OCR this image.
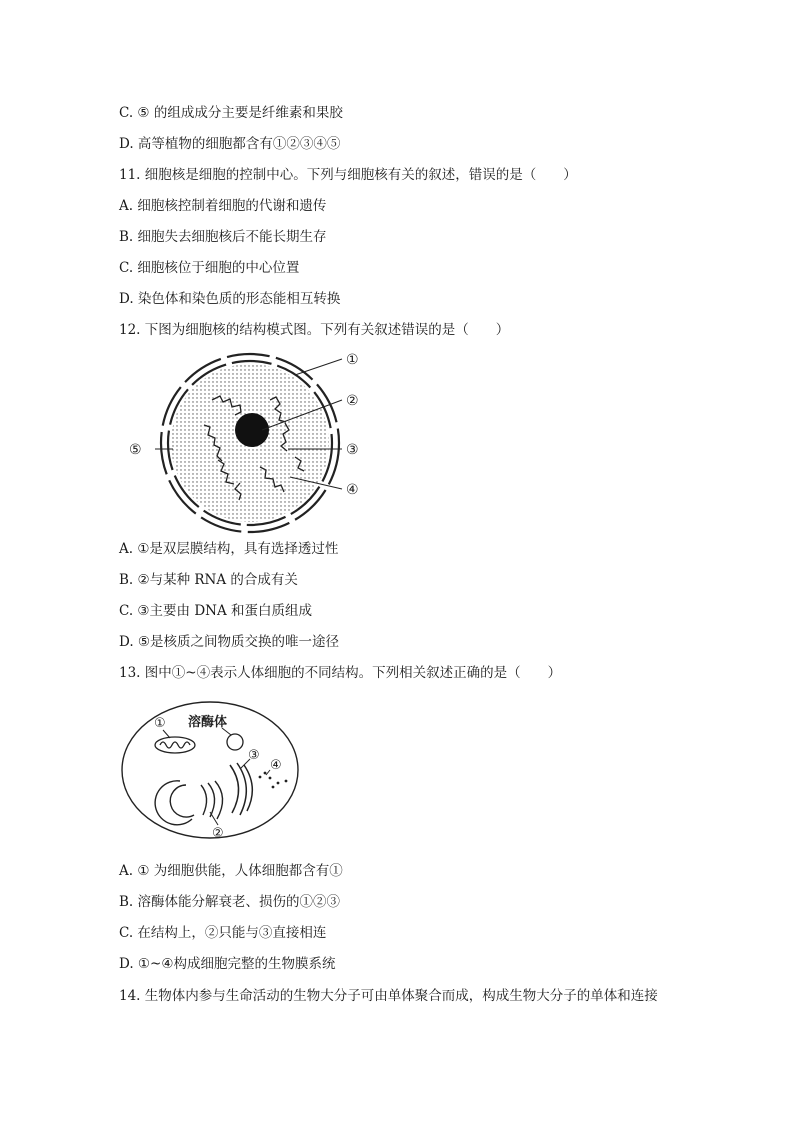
C. ⑤ 的组成成分主要是纤维素和果胶
D. 高等植物的细胞都含有①②③④⑤
11. 细胞核是细胞的控制中心。下列与细胞核有关的叙述，错误的是（　　）
A. 细胞核控制着细胞的代谢和遗传
B. 细胞失去细胞核后不能长期生存
C. 细胞核位于细胞的中心位置
D. 染色体和染色质的形态能相互转换
12. 下图为细胞核的结构模式图。下列有关叙述错误的是（　　）
①
②
③
④
⑤
A. ①是双层膜结构，具有选择透过性
B. ②与某种 RNA 的合成有关
C. ③主要由 DNA 和蛋白质组成
D. ⑤是核质之间物质交换的唯一途径
13. 图中①~④表示人体细胞的不同结构。下列相关叙述正确的是（　　）
① 溶酶体
③
④
②
A. ① 为细胞供能，人体细胞都含有①
B. 溶酶体能分解衰老、损伤的①②③
C. 在结构上，②只能与③直接相连
D. ①~④构成细胞完整的生物膜系统
14. 生物体内参与生命活动的生物大分子可由单体聚合而成，构成生物大分子的单体和连接
